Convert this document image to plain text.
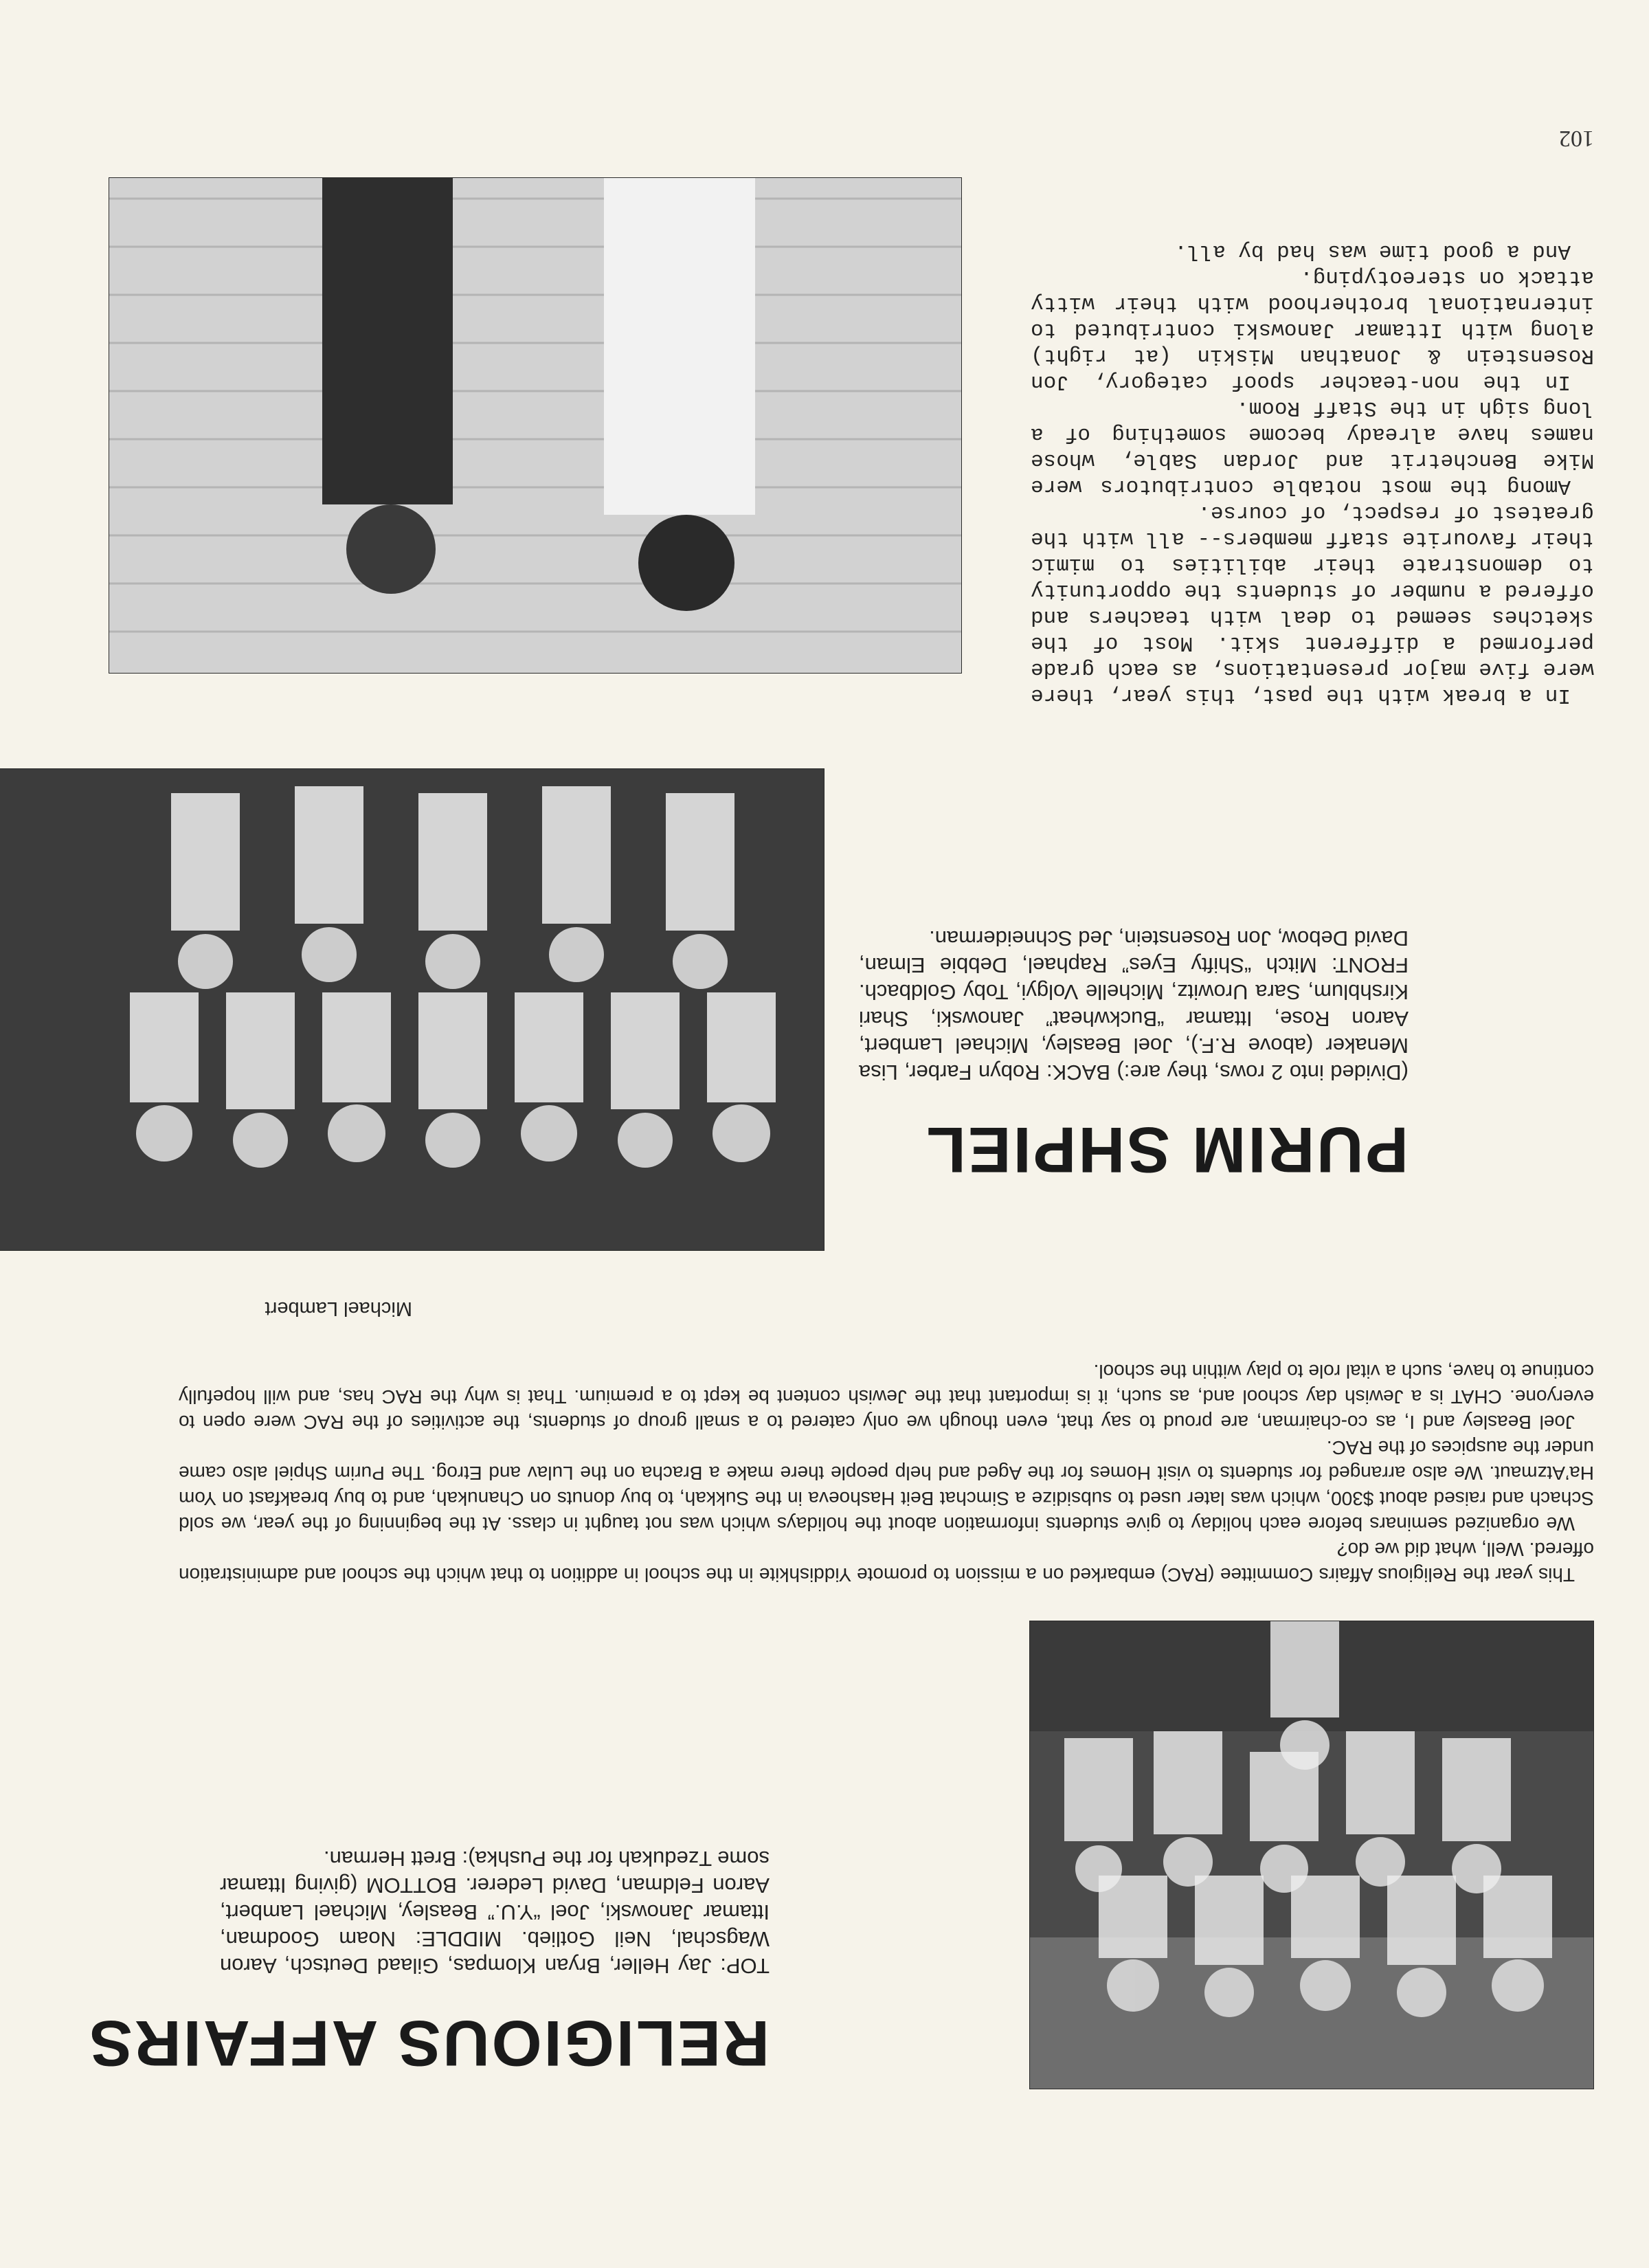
RELIGIOUS AFFAIRS
TOP: Jay Heller, Bryan Klompas, Gilaad Deutsch, Aaron Wagschal, Neil Gotlieb. MIDDLE: Noam Goodman, Ittamar Janowski, Joel “Y.U.” Beasley, Michael Lambert, Aaron Feldman, David Lederer. BOTTOM (giving Ittamar some Tzedukah for the Pushka): Brett Herman.

This year the Religious Affairs Committee (RAC) embarked on a mission to promote Yiddishkite in the school in addition to that which the school and administration offered. Well, what did we do?

We organized seminars before each holiday to give students information about the holidays which was not taught in class. At the beginning of the year, we sold Schach and raised about $300, which was later used to subsidize a Simchat Beit Hashoeva in the Sukkah, to buy donuts on Chanukah, and to buy breakfast on Yom Ha’Atzmaut. We also arranged for students to visit Homes for the Aged and help people there make a Bracha on the Lulav and Etrog. The Purim Shpiel also came under the auspices of the RAC.

Joel Beasley and I, as co-chairman, are proud to say that, even though we only catered to a small group of students, the activities of the RAC were open to everyone. CHAT is a Jewish day school and, as such, it is important that the Jewish content be kept to a premium. That is why the RAC has, and will hopefully continue to have, such a vital role to play within the school.

Michael Lambert
PURIM SHPIEL
(Divided into 2 rows, they are:) BACK: Robyn Farber, Lisa Menaker (above R.F.), Joel Beasley, Michael Lambert, Aaron Rose, Ittamar “Buckwheat” Janowski, Shari Kirshblum, Sara Urowitz, Michelle Volgyi, Toby Goldbach. FRONT: Mitch “Shifty Eyes” Raphael, Debbie Elman, David Debow, Jon Rosenstein, Jed Schneiderman.

In a break with the past, this year, there were five major presentations, as each grade performed a different skit. Most of the sketches seemed to deal with teachers and offered a number of students the opportunity to demonstrate their abilities to mimic their favourite staff members-- all with the greatest of respect, of course.

Among the most notable contributors were Mike Benchetrit and Jordan Sable, whose names have already become something of a long sigh in the Staff Room.

In the non-teacher spoof category, Jon Rosenstein & Jonathan Miskin (at right) along with Ittamar Janowski contributed to international brotherhood with their witty attack on stereotyping.

And a good time was had by all.

102
